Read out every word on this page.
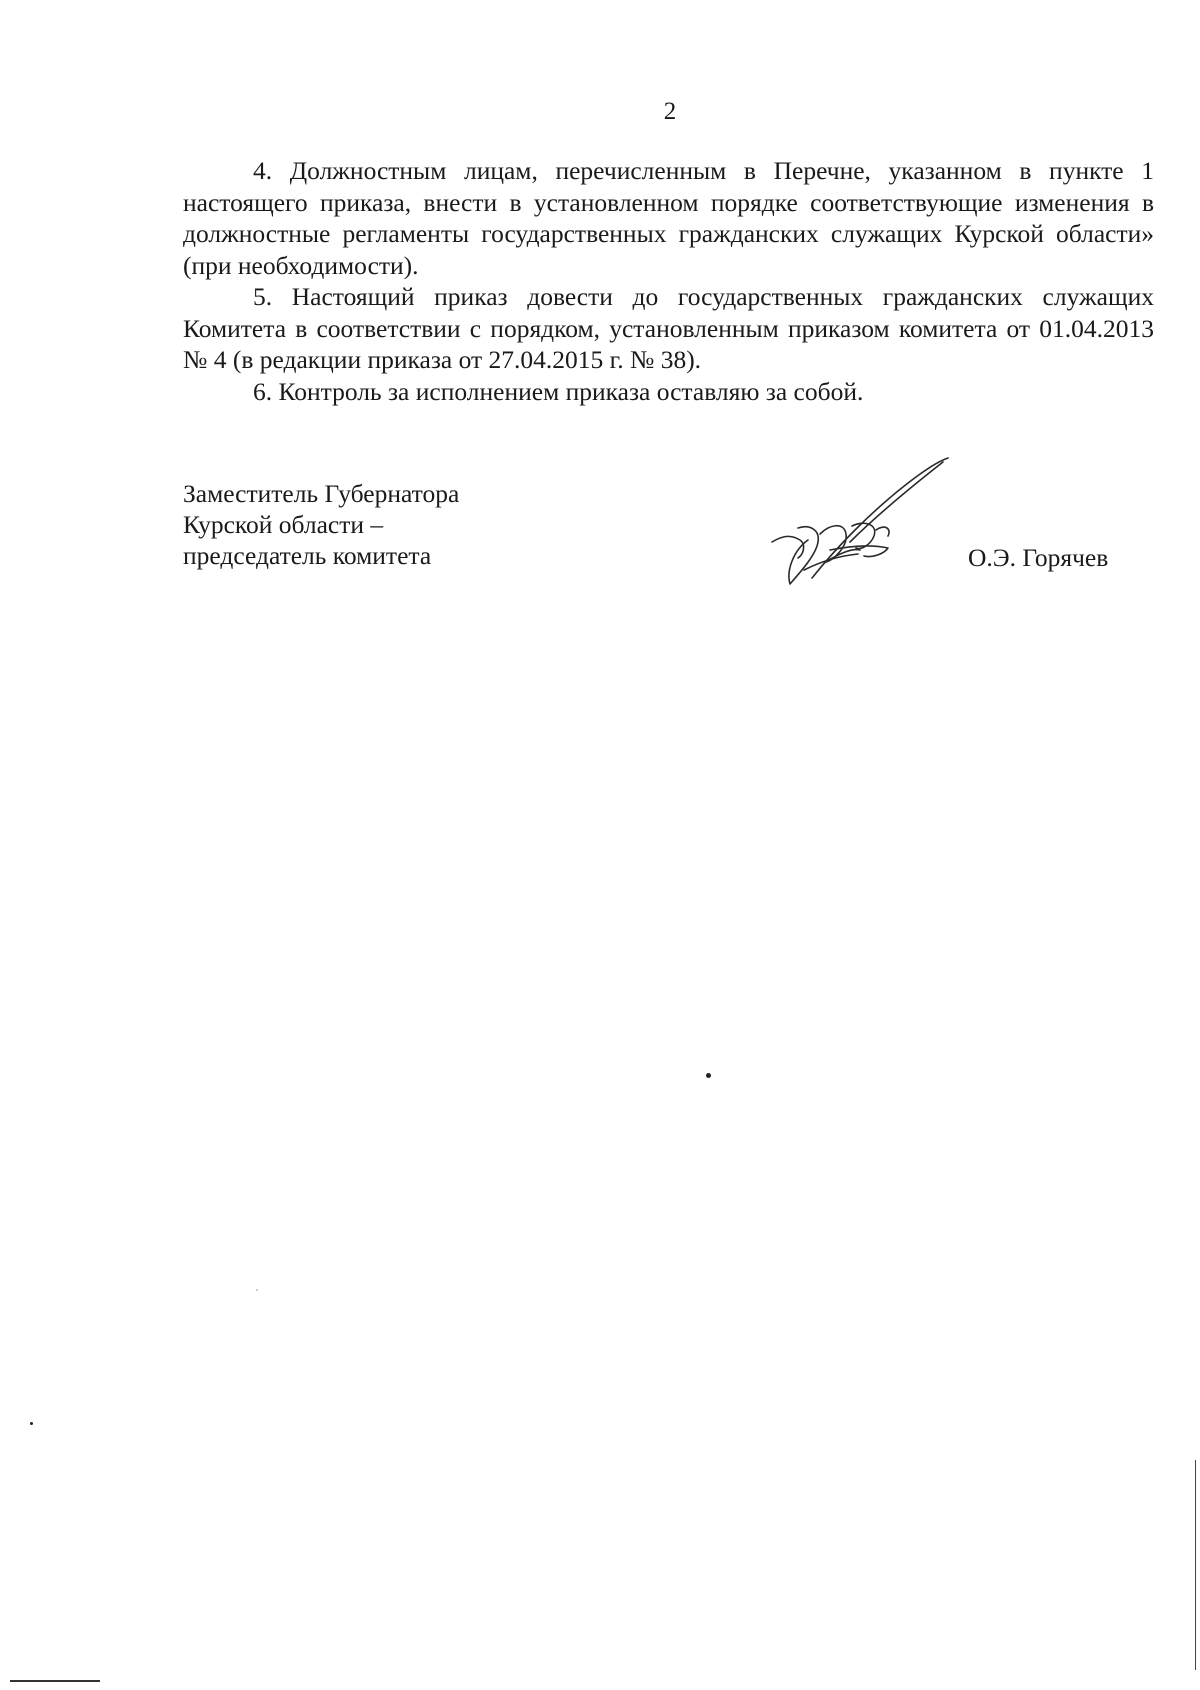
2

4. Должностным лицам, перечисленным в Перечне, указанном в пункте 1 настоящего приказа, внести в установленном порядке соответствующие изменения в должностные регламенты государственных гражданских служащих Курской области» (при необходимости).

5. Настоящий приказ довести до государственных гражданских служащих Комитета в соответствии с порядком, установленным приказом комитета от 01.04.2013 № 4 (в редакции приказа от 27.04.2015 г. № 38).

6. Контроль за исполнением приказа оставляю за собой.

Заместитель Губернатора
Курской области –
председатель комитета	О.Э. Горячев
